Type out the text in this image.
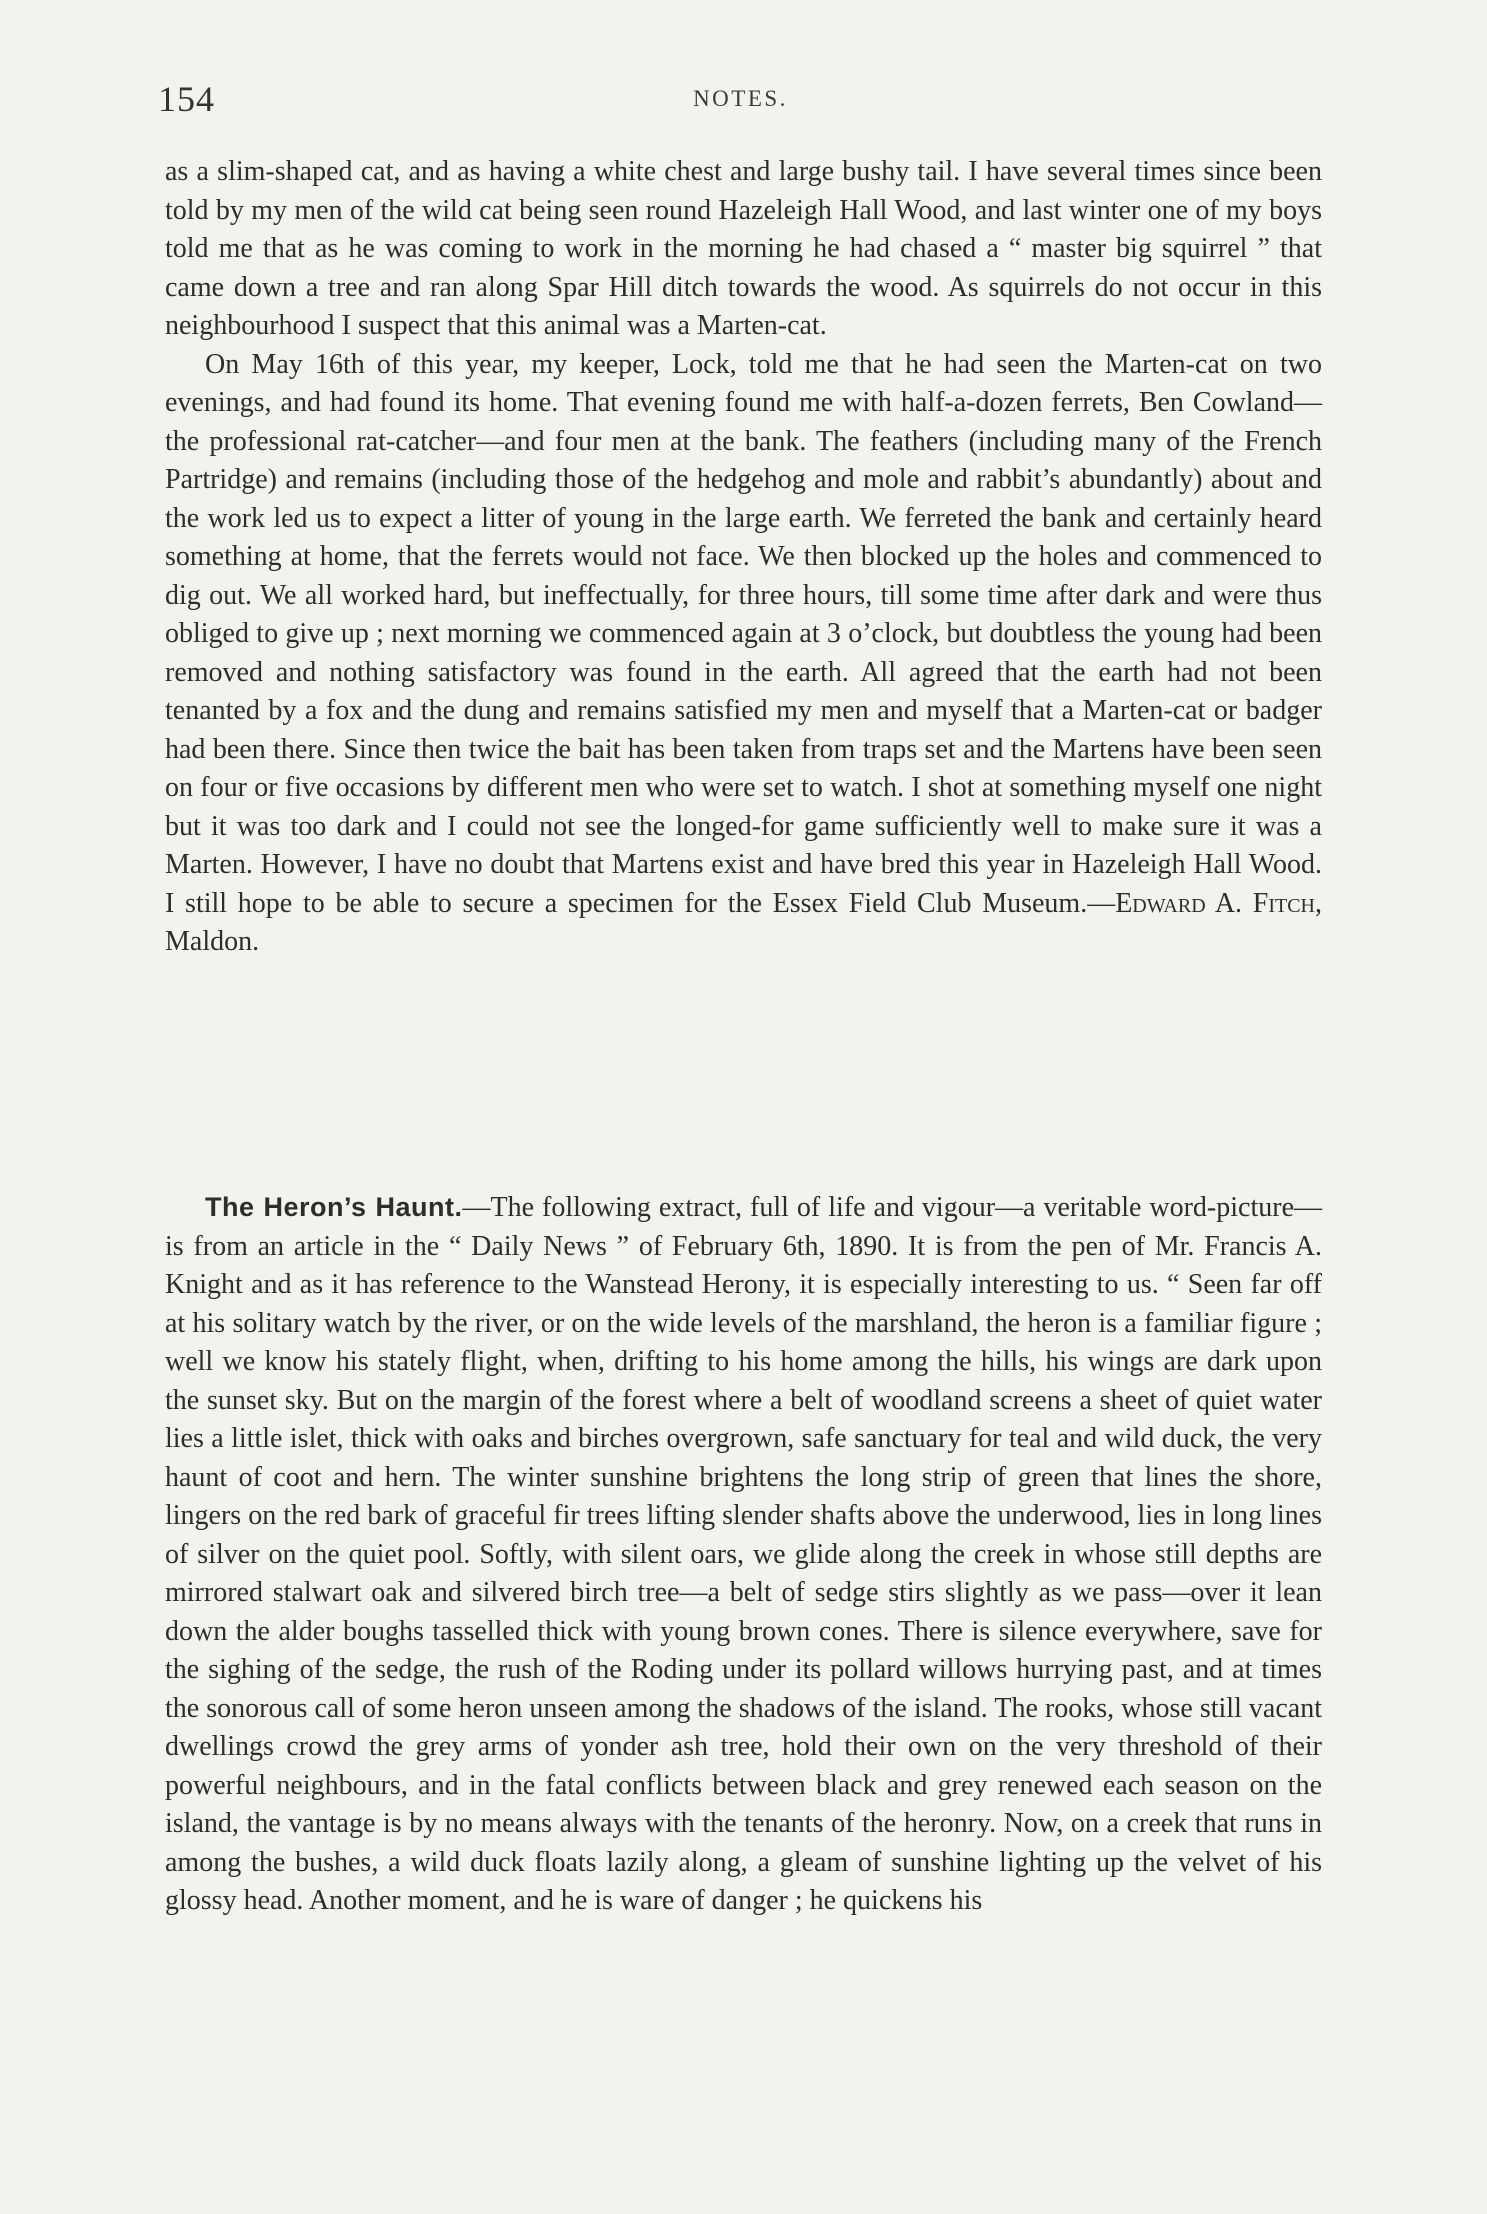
154	NOTES.

as a slim-shaped cat, and as having a white chest and large bushy tail. I have several times since been told by my men of the wild cat being seen round Hazeleigh Hall Wood, and last winter one of my boys told me that as he was coming to work in the morning he had chased a “ master big squirrel ” that came down a tree and ran along Spar Hill ditch towards the wood. As squirrels do not occur in this neighbourhood I suspect that this animal was a Marten-cat.

On May 16th of this year, my keeper, Lock, told me that he had seen the Marten-cat on two evenings, and had found its home. That evening found me with half-a-dozen ferrets, Ben Cowland—the professional rat-catcher—and four men at the bank. The feathers (including many of the French Partridge) and remains (including those of the hedgehog and mole and rabbit’s abundantly) about and the work led us to expect a litter of young in the large earth. We ferreted the bank and certainly heard something at home, that the ferrets would not face. We then blocked up the holes and commenced to dig out. We all worked hard, but ineffectually, for three hours, till some time after dark and were thus obliged to give up ; next morning we commenced again at 3 o’clock, but doubtless the young had been removed and nothing satisfactory was found in the earth. All agreed that the earth had not been tenanted by a fox and the dung and remains satisfied my men and myself that a Marten-cat or badger had been there. Since then twice the bait has been taken from traps set and the Martens have been seen on four or five occasions by different men who were set to watch. I shot at something myself one night but it was too dark and I could not see the longed-for game sufficiently well to make sure it was a Marten. However, I have no doubt that Martens exist and have bred this year in Hazeleigh Hall Wood. I still hope to be able to secure a specimen for the Essex Field Club Museum.—Edward A. Fitch, Maldon.

The Heron’s Haunt.—The following extract, full of life and vigour—a veritable word-picture—is from an article in the “ Daily News ” of February 6th, 1890. It is from the pen of Mr. Francis A. Knight and as it has reference to the Wanstead Herony, it is especially interesting to us. “ Seen far off at his solitary watch by the river, or on the wide levels of the marshland, the heron is a familiar figure ; well we know his stately flight, when, drifting to his home among the hills, his wings are dark upon the sunset sky. But on the margin of the forest where a belt of woodland screens a sheet of quiet water lies a little islet, thick with oaks and birches overgrown, safe sanctuary for teal and wild duck, the very haunt of coot and hern. The winter sunshine brightens the long strip of green that lines the shore, lingers on the red bark of graceful fir trees lifting slender shafts above the underwood, lies in long lines of silver on the quiet pool. Softly, with silent oars, we glide along the creek in whose still depths are mirrored stalwart oak and silvered birch tree—a belt of sedge stirs slightly as we pass—over it lean down the alder boughs tasselled thick with young brown cones. There is silence everywhere, save for the sighing of the sedge, the rush of the Roding under its pollard willows hurrying past, and at times the sonorous call of some heron unseen among the shadows of the island. The rooks, whose still vacant dwellings crowd the grey arms of yonder ash tree, hold their own on the very threshold of their powerful neighbours, and in the fatal conflicts between black and grey renewed each season on the island, the vantage is by no means always with the tenants of the heronry. Now, on a creek that runs in among the bushes, a wild duck floats lazily along, a gleam of sunshine lighting up the velvet of his glossy head. Another moment, and he is ware of danger ; he quickens his
